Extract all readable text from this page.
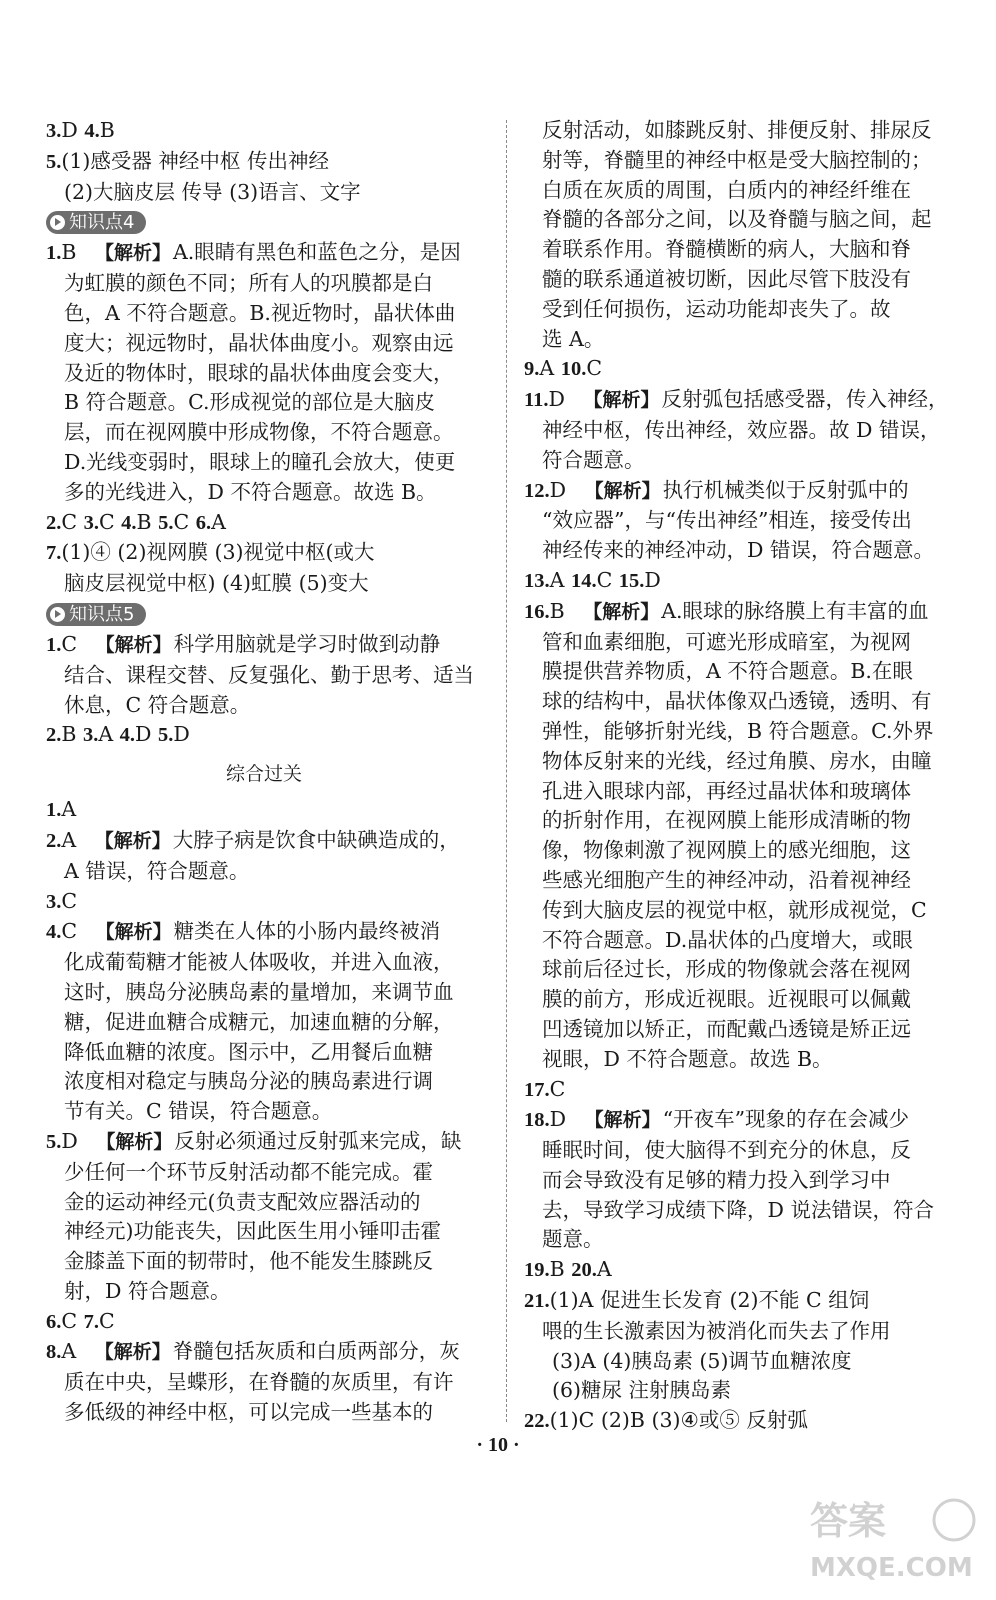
3.D 4.B
5.(1)感受器 神经中枢 传出神经
(2)大脑皮层 传导 (3)语言、文字
知识点4
1.B 【解析】A.眼睛有黑色和蓝色之分，是因
为虹膜的颜色不同；所有人的巩膜都是白
色，A 不符合题意。B.视近物时，晶状体曲
度大；视远物时，晶状体曲度小。观察由远
及近的物体时，眼球的晶状体曲度会变大，
B 符合题意。C.形成视觉的部位是大脑皮
层，而在视网膜中形成物像，不符合题意。
D.光线变弱时，眼球上的瞳孔会放大，使更
多的光线进入，D 不符合题意。故选 B。
2.C 3.C 4.B 5.C 6.A
7.(1)④ (2)视网膜 (3)视觉中枢(或大
脑皮层视觉中枢) (4)虹膜 (5)变大
知识点5
1.C 【解析】科学用脑就是学习时做到动静
结合、课程交替、反复强化、勤于思考、适当
休息，C 符合题意。
2.B 3.A 4.D 5.D
综合过关
1.A
2.A 【解析】大脖子病是饮食中缺碘造成的，
A 错误，符合题意。
3.C
4.C 【解析】糖类在人体的小肠内最终被消
化成葡萄糖才能被人体吸收，并进入血液，
这时，胰岛分泌胰岛素的量增加，来调节血
糖，促进血糖合成糖元，加速血糖的分解，
降低血糖的浓度。图示中，乙用餐后血糖
浓度相对稳定与胰岛分泌的胰岛素进行调
节有关。C 错误，符合题意。
5.D 【解析】反射必须通过反射弧来完成，缺
少任何一个环节反射活动都不能完成。霍
金的运动神经元(负责支配效应器活动的
神经元)功能丧失，因此医生用小锤叩击霍
金膝盖下面的韧带时，他不能发生膝跳反
射，D 符合题意。
6.C 7.C
8.A 【解析】脊髓包括灰质和白质两部分，灰
质在中央，呈蝶形，在脊髓的灰质里，有许
多低级的神经中枢，可以完成一些基本的
反射活动，如膝跳反射、排便反射、排尿反
射等，脊髓里的神经中枢是受大脑控制的；
白质在灰质的周围，白质内的神经纤维在
脊髓的各部分之间，以及脊髓与脑之间，起
着联系作用。脊髓横断的病人，大脑和脊
髓的联系通道被切断，因此尽管下肢没有
受到任何损伤，运动功能却丧失了。故
选 A。
9.A 10.C
11.D 【解析】反射弧包括感受器，传入神经，
神经中枢，传出神经，效应器。故 D 错误，
符合题意。
12.D 【解析】执行机械类似于反射弧中的
“效应器”，与“传出神经”相连，接受传出
神经传来的神经冲动，D 错误，符合题意。
13.A 14.C 15.D
16.B 【解析】A.眼球的脉络膜上有丰富的血
管和血素细胞，可遮光形成暗室，为视网
膜提供营养物质，A 不符合题意。B.在眼
球的结构中，晶状体像双凸透镜，透明、有
弹性，能够折射光线，B 符合题意。C.外界
物体反射来的光线，经过角膜、房水，由瞳
孔进入眼球内部，再经过晶状体和玻璃体
的折射作用，在视网膜上能形成清晰的物
像，物像刺激了视网膜上的感光细胞，这
些感光细胞产生的神经冲动，沿着视神经
传到大脑皮层的视觉中枢，就形成视觉，C
不符合题意。D.晶状体的凸度增大，或眼
球前后径过长，形成的物像就会落在视网
膜的前方，形成近视眼。近视眼可以佩戴
凹透镜加以矫正，而配戴凸透镜是矫正远
视眼，D 不符合题意。故选 B。
17.C
18.D 【解析】“开夜车”现象的存在会减少
睡眠时间，使大脑得不到充分的休息，反
而会导致没有足够的精力投入到学习中
去，导致学习成绩下降，D 说法错误，符合
题意。
19.B 20.A
21.(1)A 促进生长发育 (2)不能 C 组饲
喂的生长激素因为被消化而失去了作用
(3)A (4)胰岛素 (5)调节血糖浓度
(6)糖尿 注射胰岛素
22.(1)C (2)B (3)④或⑤ 反射弧
· 10 ·
答案
MXQE.COM
